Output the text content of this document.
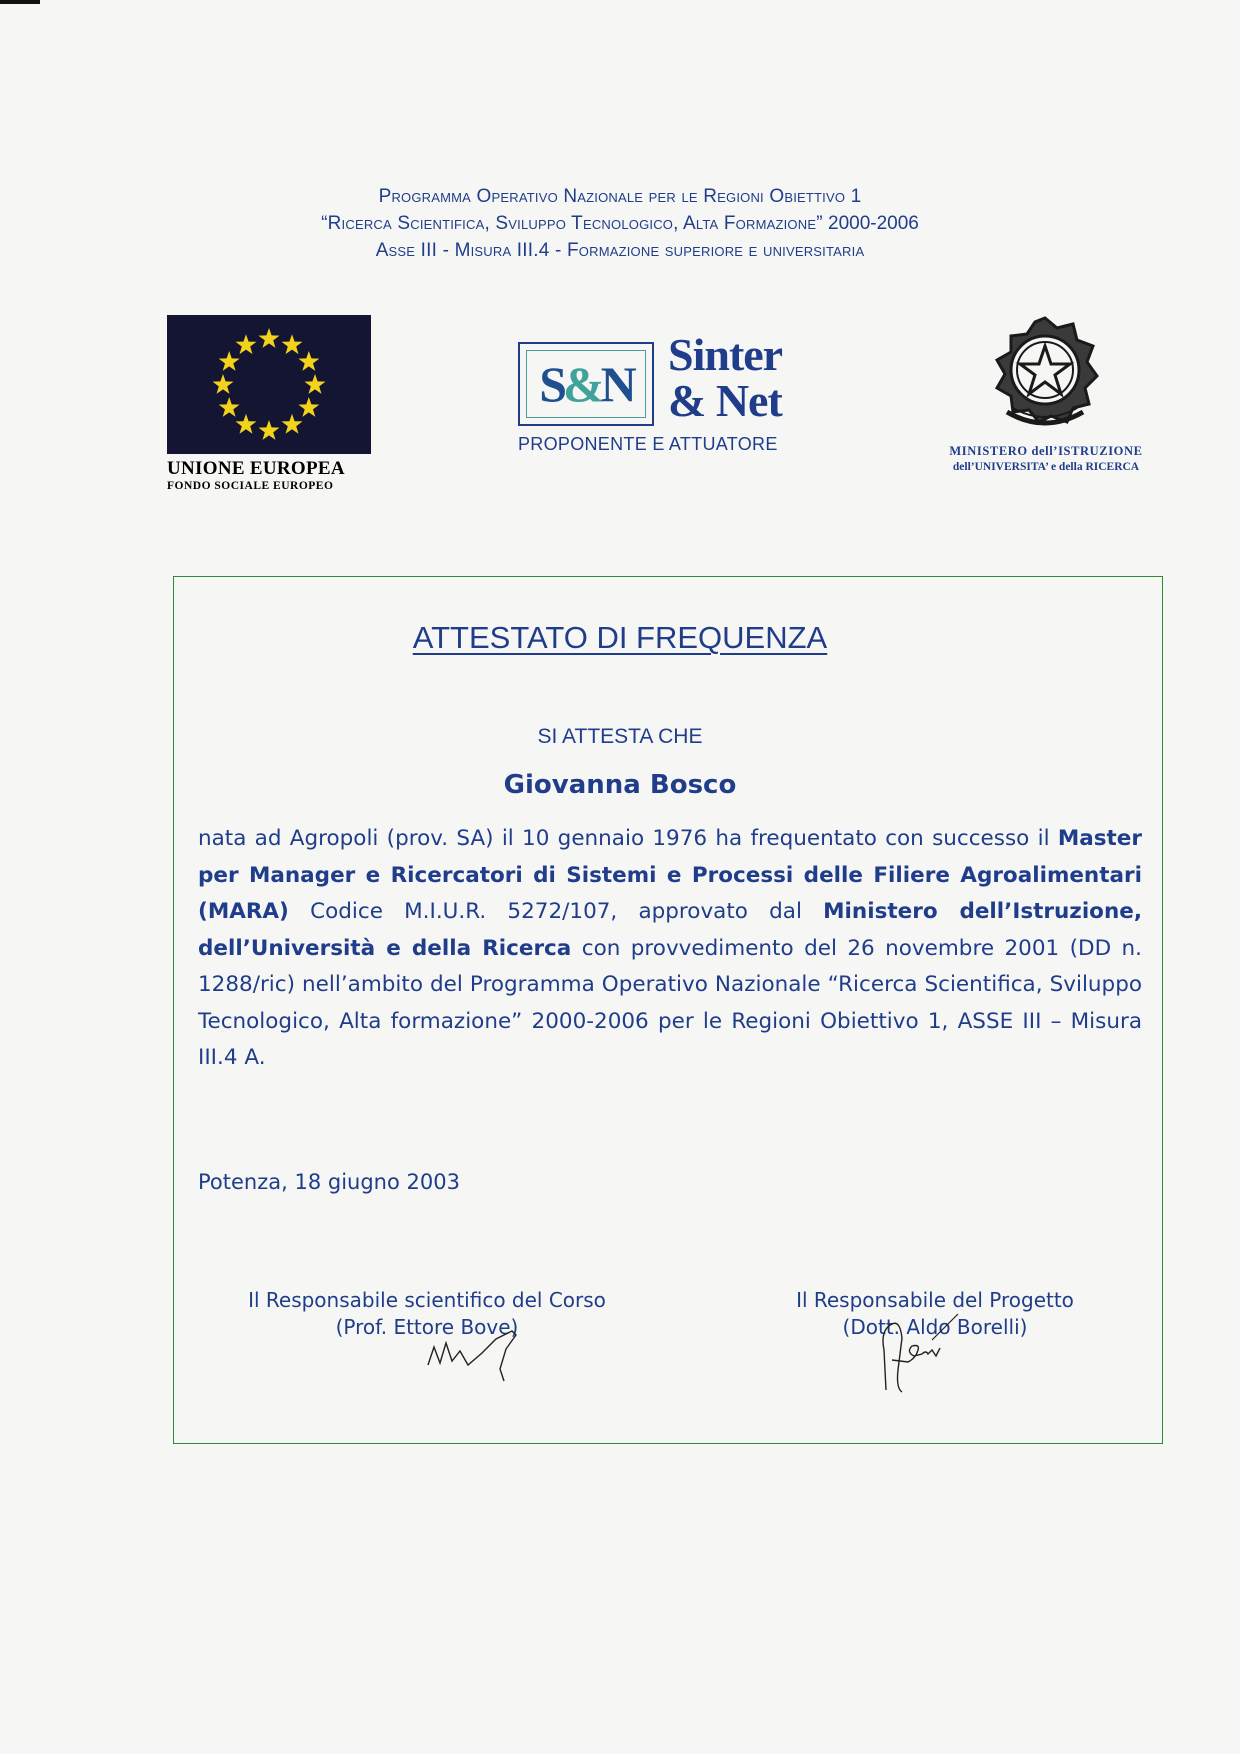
Programma Operativo Nazionale per le Regioni Obiettivo 1
“Ricerca Scientifica, Sviluppo Tecnologico, Alta Formazione” 2000-2006
Asse III - Misura III.4 - Formazione superiore e universitaria
UNIONE EUROPEA
FONDO SOCIALE EUROPEO
S&N
Sinter
& Net
PROPONENTE E ATTUATORE	MINISTERO dell’ISTRUZIONE
dell’UNIVERSITA’ e della RICERCA
ATTESTATO DI FREQUENZA
SI ATTESTA CHE
Giovanna Bosco
nata ad Agropoli (prov. SA) il 10 gennaio 1976 ha frequentato con successo il Master per Manager e Ricercatori di Sistemi e Processi delle Filiere Agroalimentari (MARA) Codice M.I.U.R. 5272/107, approvato dal Ministero dell’Istruzione, dell’Università e della Ricerca con provvedimento del 26 novembre 2001 (DD n. 1288/ric) nell’ambito del Programma Operativo Nazionale “Ricerca Scientifica, Sviluppo Tecnologico, Alta formazione” 2000-2006 per le Regioni Obiettivo 1, ASSE III – Misura III.4 A.
Potenza, 18 giugno 2003
Il Responsabile scientifico del Corso
(Prof. Ettore Bove)
Il Responsabile del Progetto
(Dott. Aldo Borelli)
